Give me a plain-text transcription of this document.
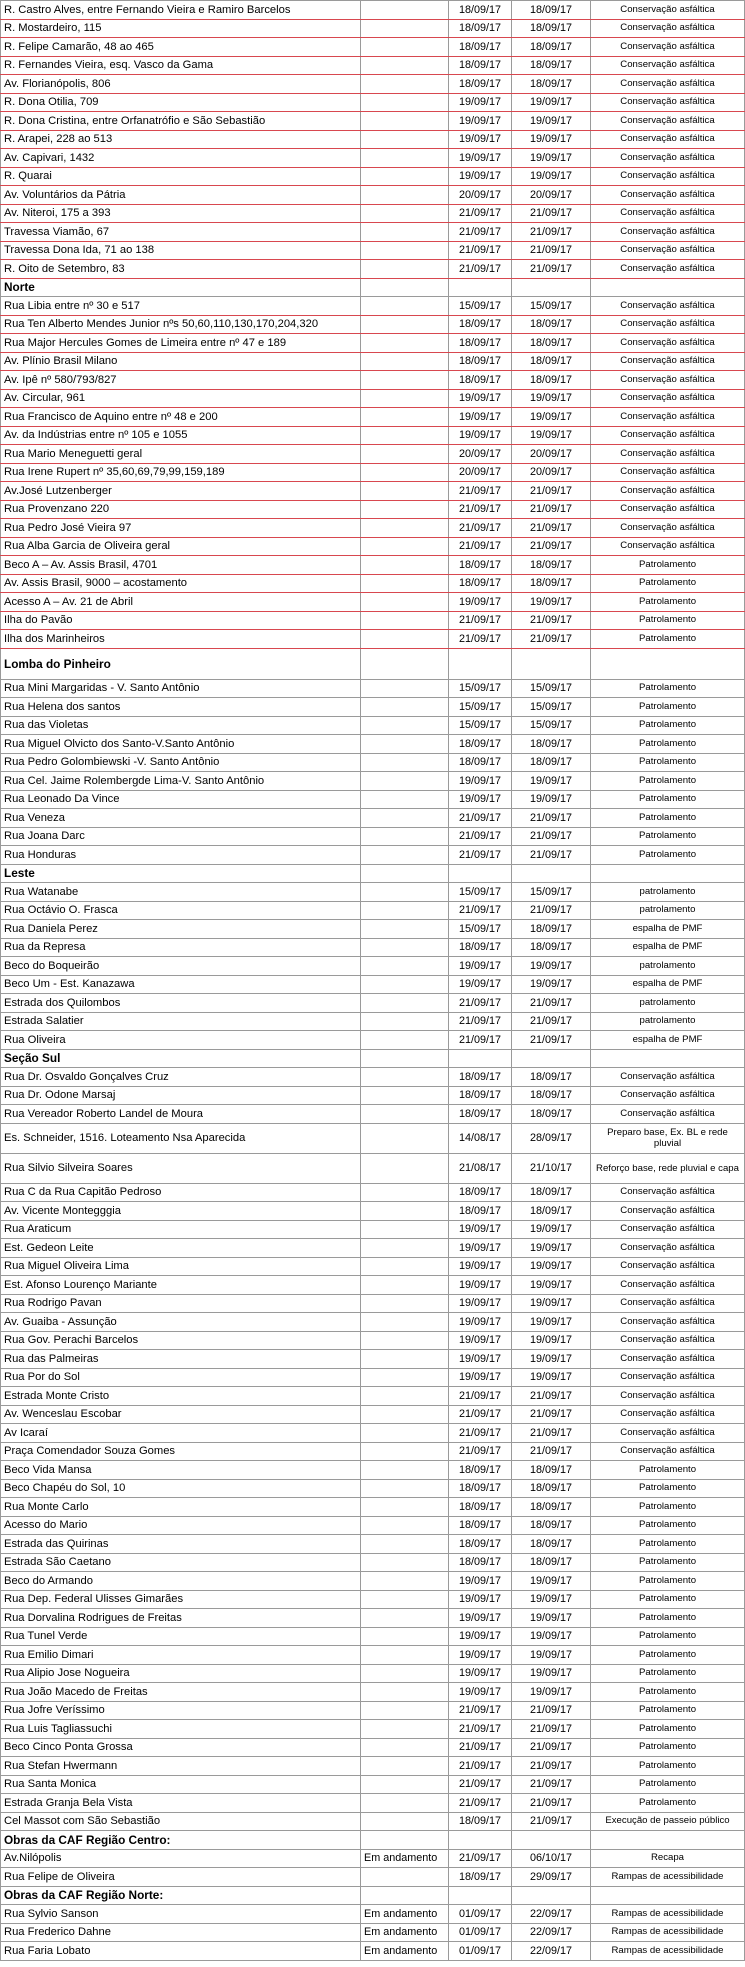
R. Castro Alves, entre Fernando Vieira e Ramiro Barcelos		18/09/17	18/09/17	Conservação asfáltica
R. Mostardeiro, 115		18/09/17	18/09/17	Conservação asfáltica
R. Felipe Camarão, 48 ao 465		18/09/17	18/09/17	Conservação asfáltica
R. Fernandes Vieira, esq. Vasco da Gama		18/09/17	18/09/17	Conservação asfáltica
Av. Florianópolis, 806		18/09/17	18/09/17	Conservação asfáltica
R. Dona Otilia, 709		19/09/17	19/09/17	Conservação asfáltica
R. Dona Cristina, entre Orfanatrófio e São Sebastião		19/09/17	19/09/17	Conservação asfáltica
R. Arapei, 228 ao 513		19/09/17	19/09/17	Conservação asfáltica
Av. Capivari, 1432		19/09/17	19/09/17	Conservação asfáltica
R. Quarai		19/09/17	19/09/17	Conservação asfáltica
Av. Voluntários da Pátria		20/09/17	20/09/17	Conservação asfáltica
Av. Niteroi, 175 a 393		21/09/17	21/09/17	Conservação asfáltica
Travessa Viamão, 67		21/09/17	21/09/17	Conservação asfáltica
Travessa Dona Ida, 71 ao 138		21/09/17	21/09/17	Conservação asfáltica
R. Oito de Setembro, 83		21/09/17	21/09/17	Conservação asfáltica
Norte				
Rua Libia entre nº 30 e 517		15/09/17	15/09/17	Conservação asfáltica
Rua Ten Alberto Mendes Junior nºs 50,60,110,130,170,204,320		18/09/17	18/09/17	Conservação asfáltica
Rua Major Hercules Gomes de Limeira entre nº 47 e 189		18/09/17	18/09/17	Conservação asfáltica
Av. Plínio Brasil Milano		18/09/17	18/09/17	Conservação asfáltica
Av. Ipê nº 580/793/827		18/09/17	18/09/17	Conservação asfáltica
Av. Circular, 961		19/09/17	19/09/17	Conservação asfáltica
Rua Francisco de Aquino entre nº 48 e 200		19/09/17	19/09/17	Conservação asfáltica
Av. da Indústrias entre nº 105 e 1055		19/09/17	19/09/17	Conservação asfáltica
Rua Mario Meneguetti geral		20/09/17	20/09/17	Conservação asfáltica
Rua Irene Rupert nº 35,60,69,79,99,159,189		20/09/17	20/09/17	Conservação asfáltica
Av.José Lutzenberger		21/09/17	21/09/17	Conservação asfáltica
Rua Provenzano 220		21/09/17	21/09/17	Conservação asfáltica
Rua Pedro José Vieira 97		21/09/17	21/09/17	Conservação asfáltica
Rua Alba Garcia de Oliveira geral		21/09/17	21/09/17	Conservação asfáltica
Beco A – Av. Assis Brasil, 4701		18/09/17	18/09/17	Patrolamento
Av. Assis Brasil, 9000 – acostamento		18/09/17	18/09/17	Patrolamento
Acesso A – Av. 21 de Abril		19/09/17	19/09/17	Patrolamento
Ilha do Pavão		21/09/17	21/09/17	Patrolamento
Ilha dos Marinheiros		21/09/17	21/09/17	Patrolamento
Lomba do Pinheiro				
Rua Mini Margaridas - V. Santo Antônio		15/09/17	15/09/17	Patrolamento
Rua Helena dos santos		15/09/17	15/09/17	Patrolamento
Rua das Violetas		15/09/17	15/09/17	Patrolamento
Rua Miguel Olvicto dos Santo-V.Santo Antônio		18/09/17	18/09/17	Patrolamento
Rua Pedro Golombiewski -V. Santo Antônio		18/09/17	18/09/17	Patrolamento
Rua Cel. Jaime Rolembergde Lima-V. Santo Antônio		19/09/17	19/09/17	Patrolamento
Rua Leonado Da Vince		19/09/17	19/09/17	Patrolamento
Rua Veneza		21/09/17	21/09/17	Patrolamento
Rua Joana Darc		21/09/17	21/09/17	Patrolamento
Rua Honduras		21/09/17	21/09/17	Patrolamento
Leste				
Rua Watanabe		15/09/17	15/09/17	patrolamento
Rua Octávio O. Frasca		21/09/17	21/09/17	patrolamento
Rua Daniela Perez		15/09/17	18/09/17	espalha de PMF
Rua da Represa		18/09/17	18/09/17	espalha de PMF
Beco do Boqueirão		19/09/17	19/09/17	patrolamento
Beco Um - Est. Kanazawa		19/09/17	19/09/17	espalha de PMF
Estrada dos Quilombos		21/09/17	21/09/17	patrolamento
Estrada Salatier		21/09/17	21/09/17	patrolamento
Rua Oliveira		21/09/17	21/09/17	espalha de PMF
Seção Sul				
Rua Dr. Osvaldo Gonçalves Cruz		18/09/17	18/09/17	Conservação asfáltica
Rua Dr. Odone Marsaj		18/09/17	18/09/17	Conservação asfáltica
Rua Vereador Roberto Landel de Moura		18/09/17	18/09/17	Conservação asfáltica
Es. Schneider, 1516. Loteamento Nsa Aparecida		14/08/17	28/09/17	Preparo base, Ex. BL e rede pluvial
Rua Silvio Silveira Soares		21/08/17	21/10/17	Reforço base, rede pluvial e capa
Rua C da Rua Capitão Pedroso		18/09/17	18/09/17	Conservação asfáltica
Av. Vicente Montegggia		18/09/17	18/09/17	Conservação asfáltica
Rua Araticum		19/09/17	19/09/17	Conservação asfáltica
Est. Gedeon Leite		19/09/17	19/09/17	Conservação asfáltica
Rua Miguel Oliveira Lima		19/09/17	19/09/17	Conservação asfáltica
Est. Afonso Lourenço Mariante		19/09/17	19/09/17	Conservação asfáltica
Rua Rodrigo Pavan		19/09/17	19/09/17	Conservação asfáltica
Av. Guaiba - Assunção		19/09/17	19/09/17	Conservação asfáltica
Rua Gov. Perachi Barcelos		19/09/17	19/09/17	Conservação asfáltica
Rua das Palmeiras		19/09/17	19/09/17	Conservação asfáltica
Rua Por do Sol		19/09/17	19/09/17	Conservação asfáltica
Estrada Monte Cristo		21/09/17	21/09/17	Conservação asfáltica
Av. Wenceslau Escobar		21/09/17	21/09/17	Conservação asfáltica
Av Icaraí		21/09/17	21/09/17	Conservação asfáltica
Praça Comendador Souza Gomes		21/09/17	21/09/17	Conservação asfáltica
Beco Vida Mansa		18/09/17	18/09/17	Patrolamento
Beco Chapéu do Sol, 10		18/09/17	18/09/17	Patrolamento
Rua Monte Carlo		18/09/17	18/09/17	Patrolamento
Acesso do Mario		18/09/17	18/09/17	Patrolamento
Estrada das Quirinas		18/09/17	18/09/17	Patrolamento
Estrada São Caetano		18/09/17	18/09/17	Patrolamento
Beco do Armando		19/09/17	19/09/17	Patrolamento
Rua Dep. Federal Ulisses Gimarães		19/09/17	19/09/17	Patrolamento
Rua Dorvalina Rodrigues de Freitas		19/09/17	19/09/17	Patrolamento
Rua Tunel Verde		19/09/17	19/09/17	Patrolamento
Rua Emilio Dimari		19/09/17	19/09/17	Patrolamento
Rua Alipio Jose Nogueira		19/09/17	19/09/17	Patrolamento
Rua João Macedo de Freitas		19/09/17	19/09/17	Patrolamento
Rua Jofre Veríssimo		21/09/17	21/09/17	Patrolamento
Rua Luis Tagliassuchi		21/09/17	21/09/17	Patrolamento
Beco Cinco Ponta Grossa		21/09/17	21/09/17	Patrolamento
Rua Stefan Hwermann		21/09/17	21/09/17	Patrolamento
Rua Santa Monica		21/09/17	21/09/17	Patrolamento
Estrada Granja Bela Vista		21/09/17	21/09/17	Patrolamento
Cel Massot com São Sebastião		18/09/17	21/09/17	Execução de passeio público
Obras da CAF Região Centro:				
Av.Nilópolis	Em andamento	21/09/17	06/10/17	Recapa
Rua Felipe de Oliveira		18/09/17	29/09/17	Rampas de acessibilidade
Obras da CAF Região Norte:				
Rua Sylvio Sanson	Em andamento	01/09/17	22/09/17	Rampas de acessibilidade
Rua Frederico Dahne	Em andamento	01/09/17	22/09/17	Rampas de acessibilidade
Rua Faria Lobato	Em andamento	01/09/17	22/09/17	Rampas de acessibilidade
